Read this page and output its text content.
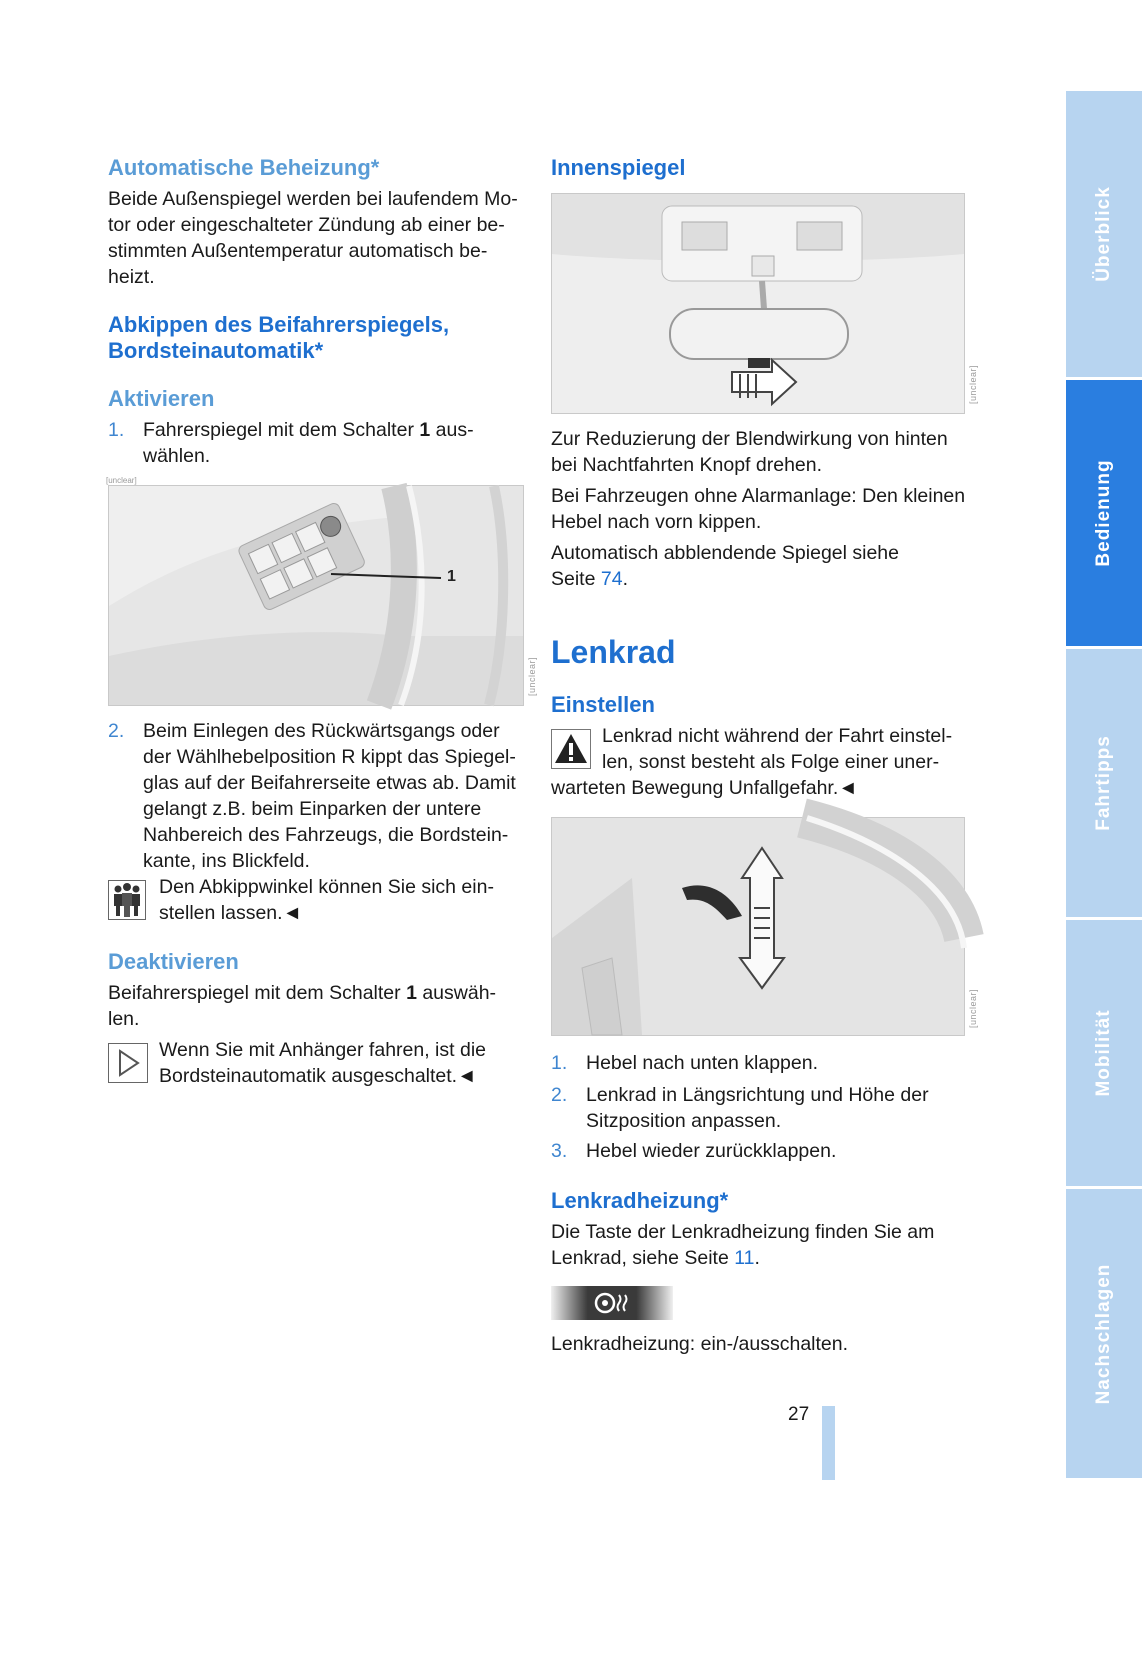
Automatische Beheizung*
Beide Außenspiegel werden bei laufendem Mo-
tor oder eingeschalteter Zündung ab einer be-
stimmten Außentemperatur automatisch be-
heizt.
Abkippen des Beifahrerspiegels,
Bordsteinautomatik*
Aktivieren
1. Fahrerspiegel mit dem Schalter 1 aus-
wählen.
[unclear]
1
[unclear]
2. Beim Einlegen des Rückwärtsgangs oder
der Wählhebelposition R kippt das Spiegel-
glas auf der Beifahrerseite etwas ab. Damit
gelangt z.B. beim Einparken der untere
Nahbereich des Fahrzeugs, die Bordstein-
kante, ins Blickfeld.
Den Abkippwinkel können Sie sich ein-
stellen lassen.◄
Deaktivieren
Beifahrerspiegel mit dem Schalter 1 auswäh-
len.
Wenn Sie mit Anhänger fahren, ist die
Bordsteinautomatik ausgeschaltet.◄
Innenspiegel
[unclear]
Zur Reduzierung der Blendwirkung von hinten
bei Nachtfahrten Knopf drehen.
Bei Fahrzeugen ohne Alarmanlage: Den kleinen
Hebel nach vorn kippen.
Automatisch abblendende Spiegel siehe
Seite 74.
Lenkrad
Einstellen
Lenkrad nicht während der Fahrt einstel-
len, sonst besteht als Folge einer uner-
warteten Bewegung Unfallgefahr.◄
[unclear]
1. Hebel nach unten klappen.
2. Lenkrad in Längsrichtung und Höhe der
Sitzposition anpassen.
3. Hebel wieder zurückklappen.
Lenkradheizung*
Die Taste der Lenkradheizung finden Sie am
Lenkrad, siehe Seite 11.
Lenkradheizung: ein-/ausschalten.
27
Überblick
Bedienung
Fahrtipps
Mobilität
Nachschlagen
